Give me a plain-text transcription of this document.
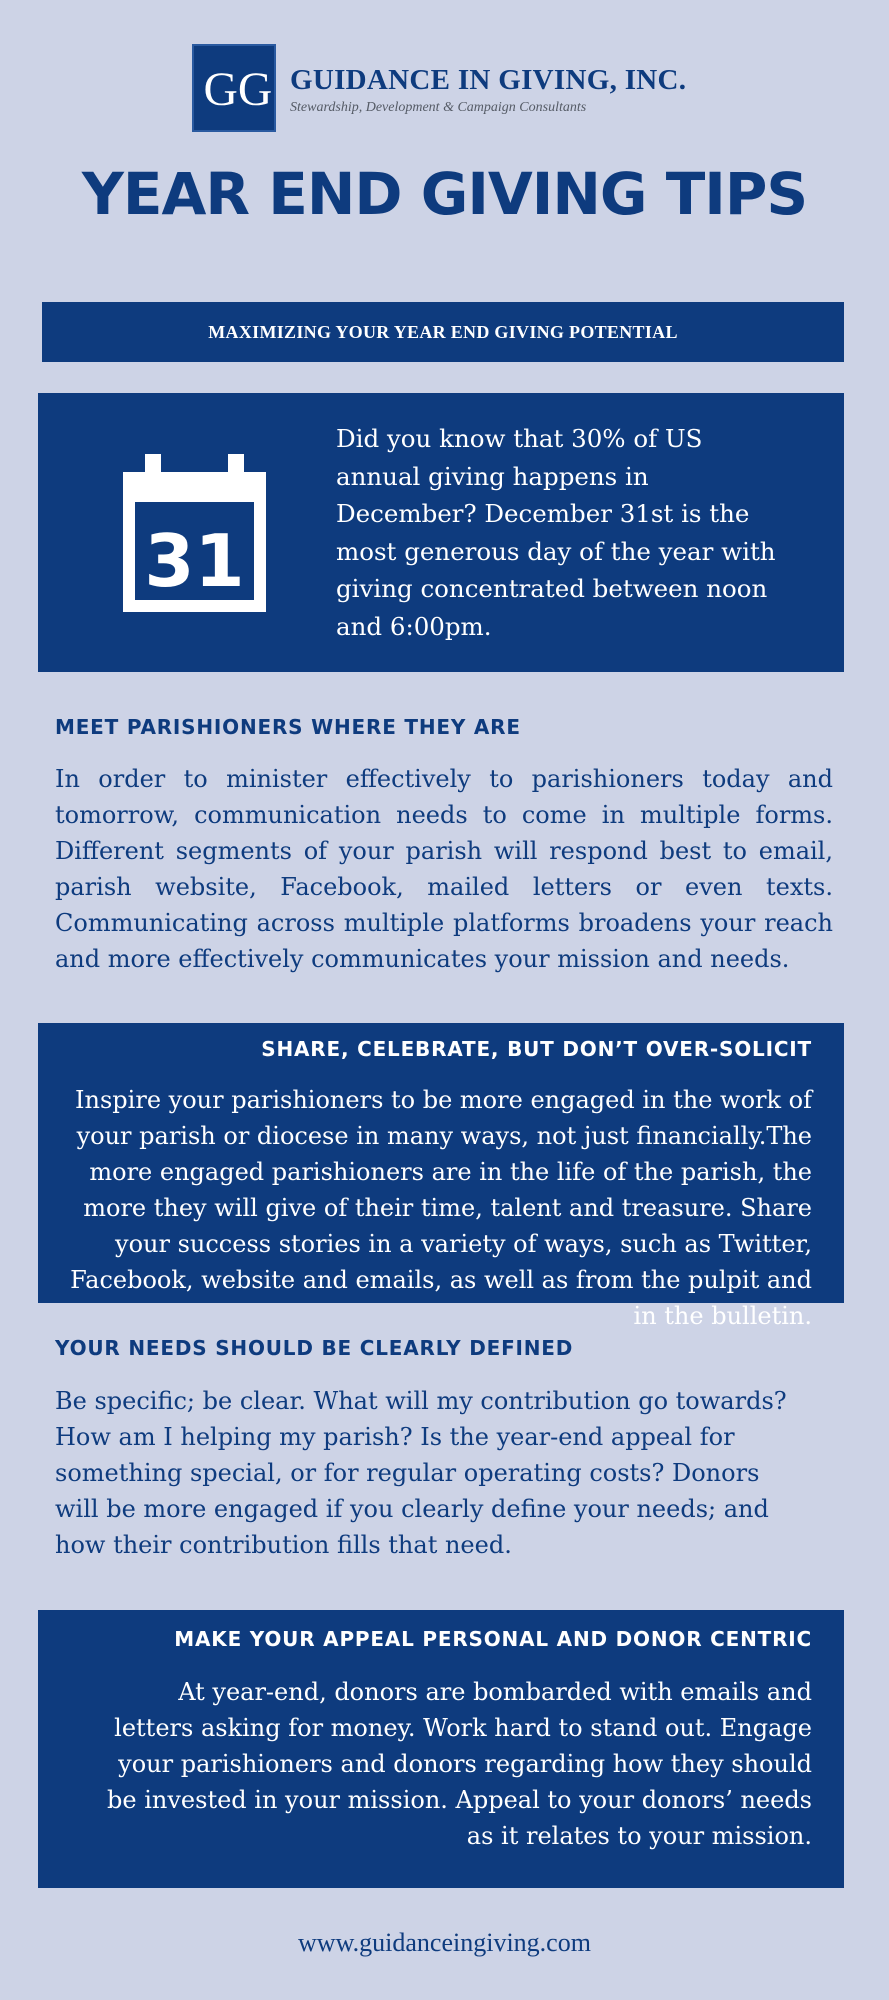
GG GUIDANCE IN GIVING, INC.
Stewardship, Development & Campaign Consultants
YEAR END GIVING TIPS
MAXIMIZING YOUR YEAR END GIVING POTENTIAL
31
Did you know that 30% of US annual giving happens in December? December 31st is the most generous day of the year with giving concentrated between noon and 6:00pm.
MEET PARISHIONERS WHERE THEY ARE
In order to minister effectively to parishioners today and tomorrow, communication needs to come in multiple forms. Different segments of your parish will respond best to email, parish website, Facebook, mailed letters or even texts. Communicating across multiple platforms broadens your reach and more effectively communicates your mission and needs.
SHARE, CELEBRATE, BUT DON’T OVER-SOLICIT
Inspire your parishioners to be more engaged in the work of your parish or diocese in many ways, not just financially.The more engaged parishioners are in the life of the parish, the more they will give of their time, talent and treasure. Share your success stories in a variety of ways, such as Twitter, Facebook, website and emails, as well as from the pulpit and in the bulletin.
YOUR NEEDS SHOULD BE CLEARLY DEFINED
Be specific; be clear. What will my contribution go towards? How am I helping my parish? Is the year-end appeal for something special, or for regular operating costs? Donors will be more engaged if you clearly define your needs; and how their contribution fills that need.
MAKE YOUR APPEAL PERSONAL AND DONOR CENTRIC
At year-end, donors are bombarded with emails and letters asking for money. Work hard to stand out. Engage your parishioners and donors regarding how they should be invested in your mission. Appeal to your donors’ needs as it relates to your mission.
www.guidanceingiving.com
